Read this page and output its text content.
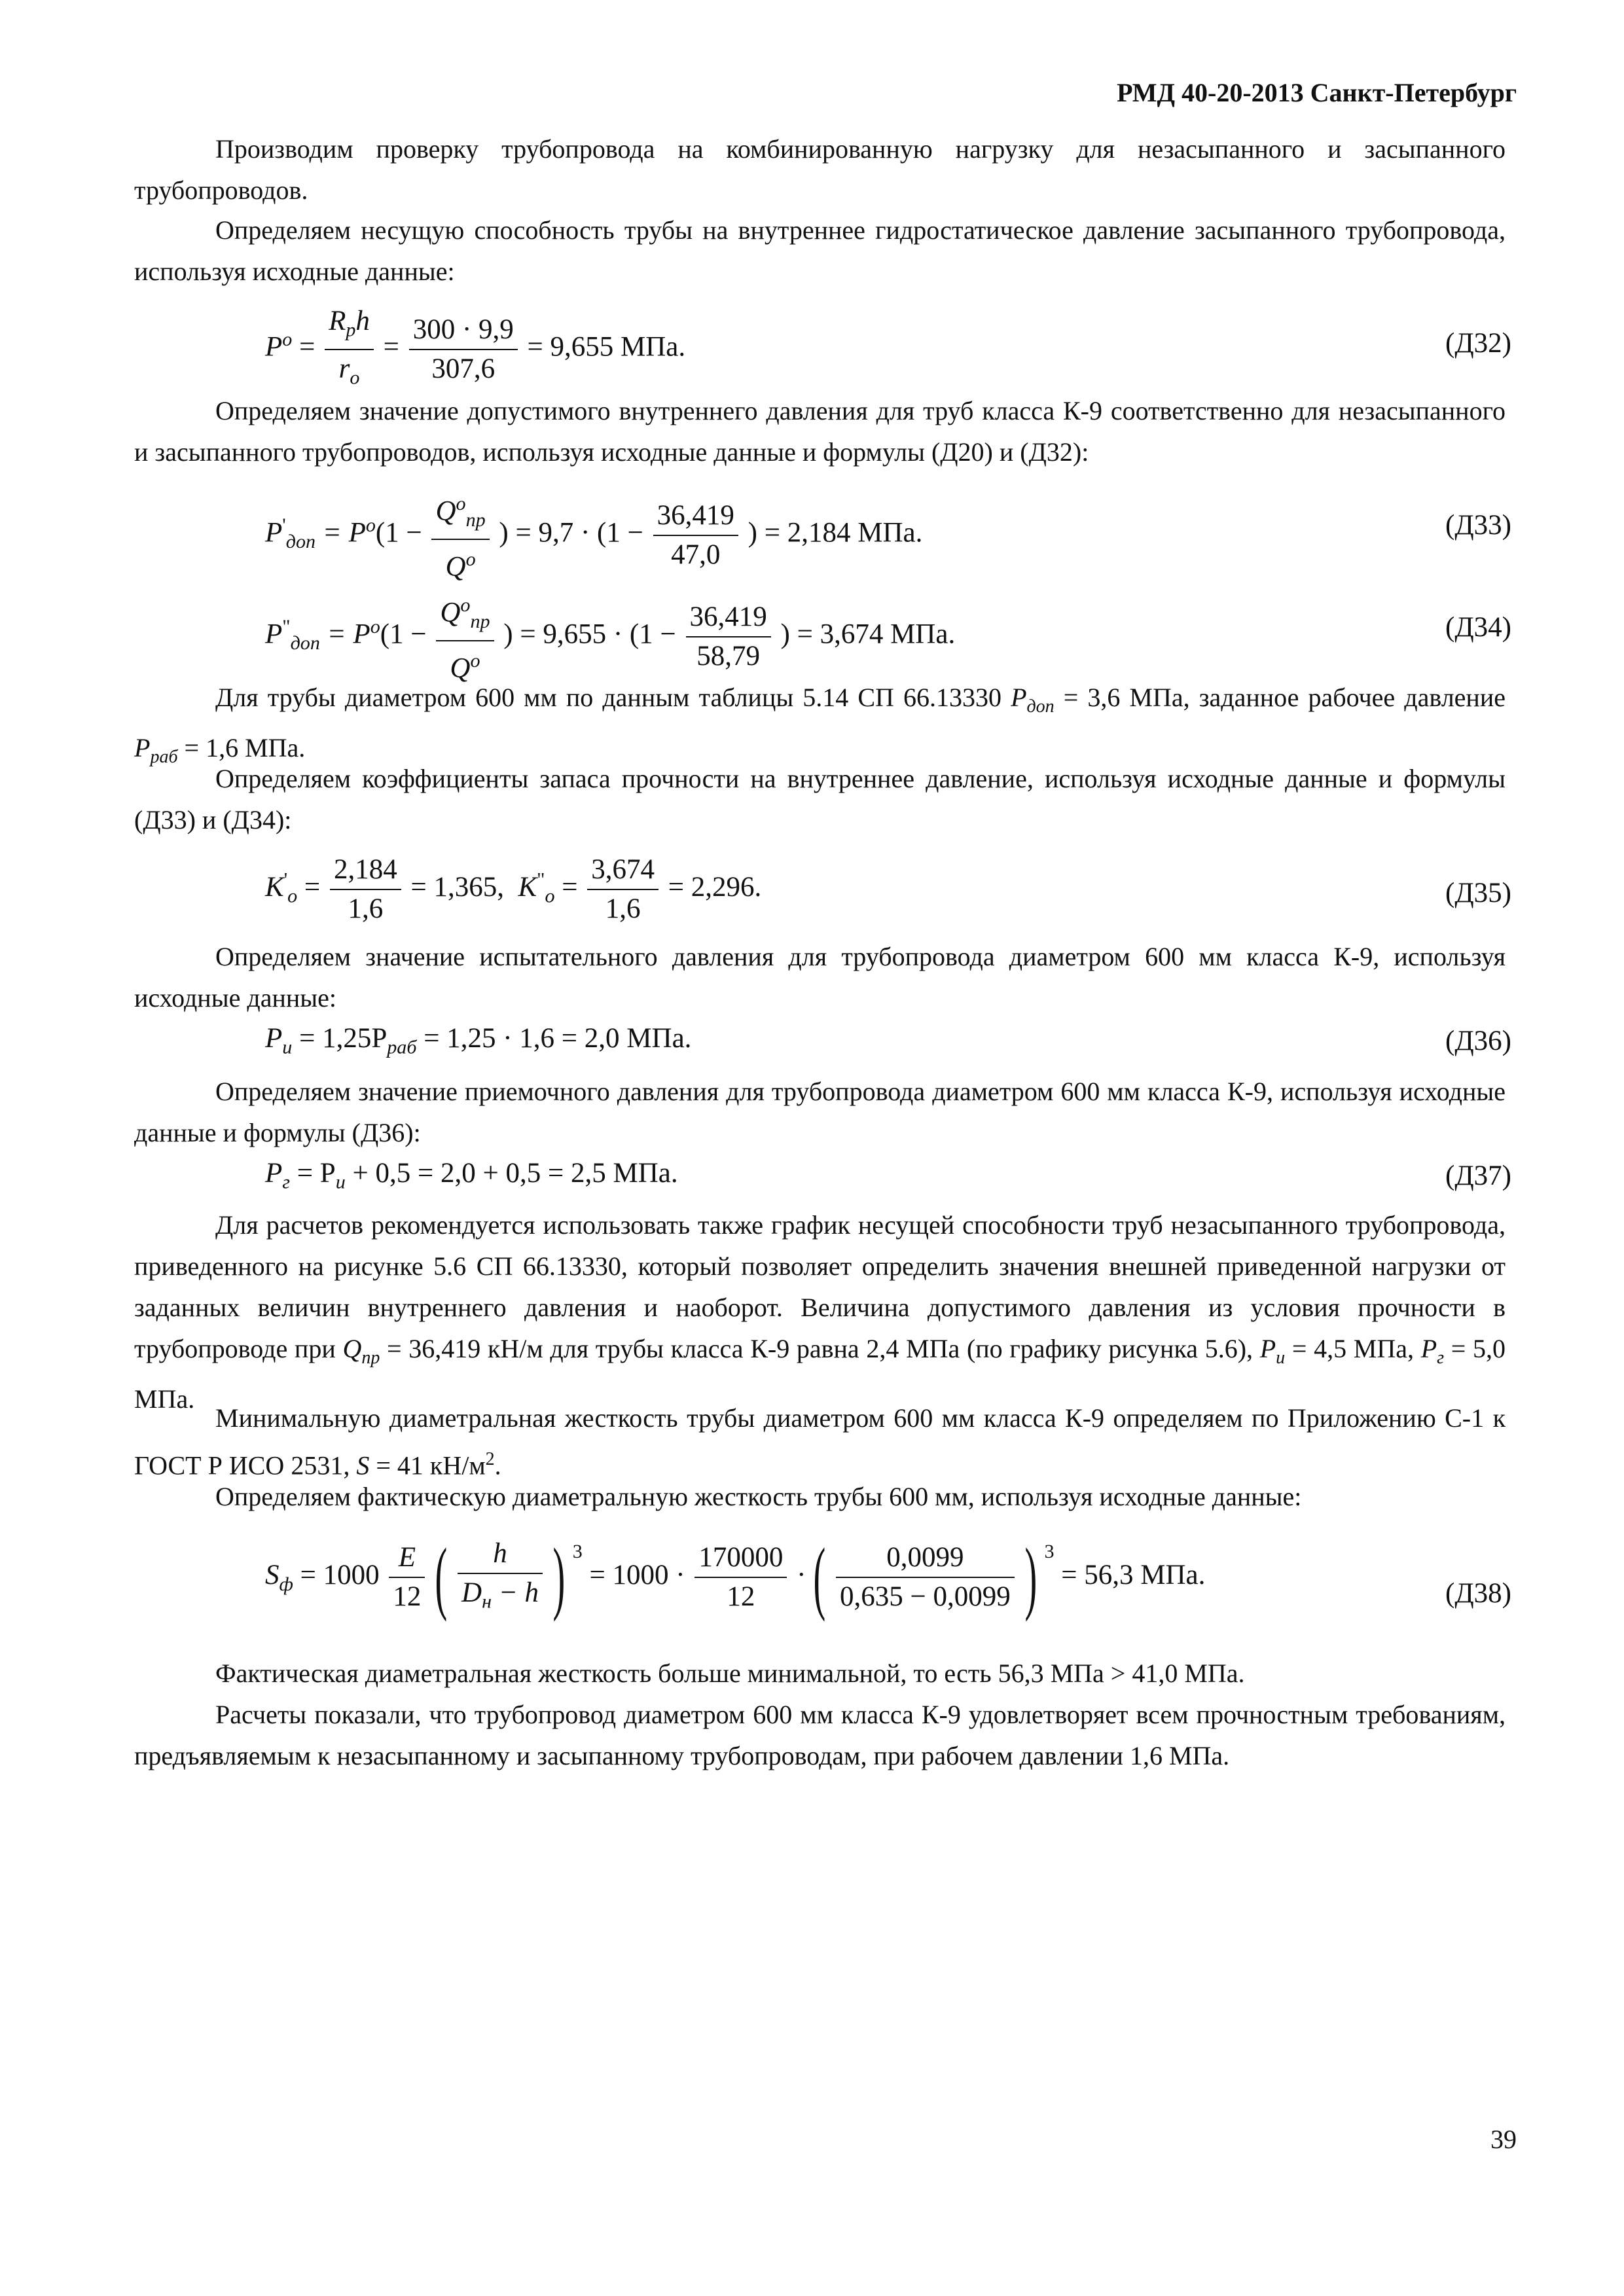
РМД 40-20-2013 Санкт-Петербург

Производим проверку трубопровода на комбинированную нагрузку для незасыпанного и засыпанного трубопроводов.

Определяем несущую способность трубы на внутреннее гидростатическое давление засыпанного трубопровода, используя исходные данные:

$P^o = \frac{R_ph}{r_o} = \frac{300 \cdot 9,9}{307,6} = 9,655$ МПа.	(Д32)

Определяем значение допустимого внутреннего давления для труб класса К-9 соответственно для незасыпанного и засыпанного трубопроводов, используя исходные данные и формулы (Д20) и (Д32):

$P'_{доп} = P^o(1 - \frac{Q^o_{пр}}{Q^o}$ ) = $9,7 \cdot (1 - \frac{36,419}{47,0}$ ) = 2,184 МПа.	(Д33)
$P^"_{доп} = P^o(1 - \frac{Q^o_{пр}}{Q^o}$ ) = $9,655 \cdot (1 - \frac{36,419}{58,79}$ ) = 3,674 МПа.	(Д34)

Для трубы диаметром 600 мм по данным таблицы 5.14 СП 66.13330 $P_{доп} = 3,6$ МПа, заданное рабочее давление $P_{раб} = 1,6$ МПа.

Определяем коэффициенты запаса прочности на внутреннее давление, используя исходные данные и формулы (Д33) и (Д34):

$K'_o = \frac{2,184}{1,6} = 1,365$, $K^"_o = \frac{3,674}{1,6} = 2,296$.	(Д35)

Определяем значение испытательного давления для трубопровода диаметром 600 мм класса К-9, используя исходные данные:

$P_и = 1,25P_{раб} = 1,25 \cdot 1,6 = 2,0$ МПа.	(Д36)

Определяем значение приемочного давления для трубопровода диаметром 600 мм класса К-9, используя исходные данные и формулы (Д36):

$P_г = P_и + 0,5 = 2,0 + 0,5 = 2,5$ МПа.	(Д37)

Для расчетов рекомендуется использовать также график несущей способности труб незасыпанного трубопровода, приведенного на рисунке 5.6 СП 66.13330, который позволяет определить значения внешней приведенной нагрузки от заданных величин внутреннего давления и наоборот. Величина допустимого давления из условия прочности в трубопроводе при $Q_{пр} = 36,419$ кН/м для трубы класса К-9 равна 2,4 МПа (по графику рисунка 5.6), $P_и = 4,5$ МПа, $P_г = 5,0$ МПа.

Минимальную диаметральная жесткость трубы диаметром 600 мм класса К-9 определяем по Приложению С-1 к ГОСТ Р ИСО 2531, S = 41 $кН/м^2$.

Определяем фактическую диаметральную жесткость трубы 600 мм, используя исходные данные:

$S_ф = 1000 \frac{E}{12}$ ( $\frac{h}{D_н - h}$ ) $^3 = 1000 \cdot \frac{170000}{12}$ ·( $\frac{0,0099}{0,635 - 0,0099}$ ) $^3$ = 56,3 МПа.
(Д38)

Фактическая диаметральная жесткость больше минимальной, то есть 56,3 МПа > 41,0 МПа.

Расчеты показали, что трубопровод диаметром 600 мм класса К-9 удовлетворяет всем прочностным требованиям, предъявляемым к незасыпанному и засыпанному трубопроводам, при рабочем давлении 1,6 МПа.

39
